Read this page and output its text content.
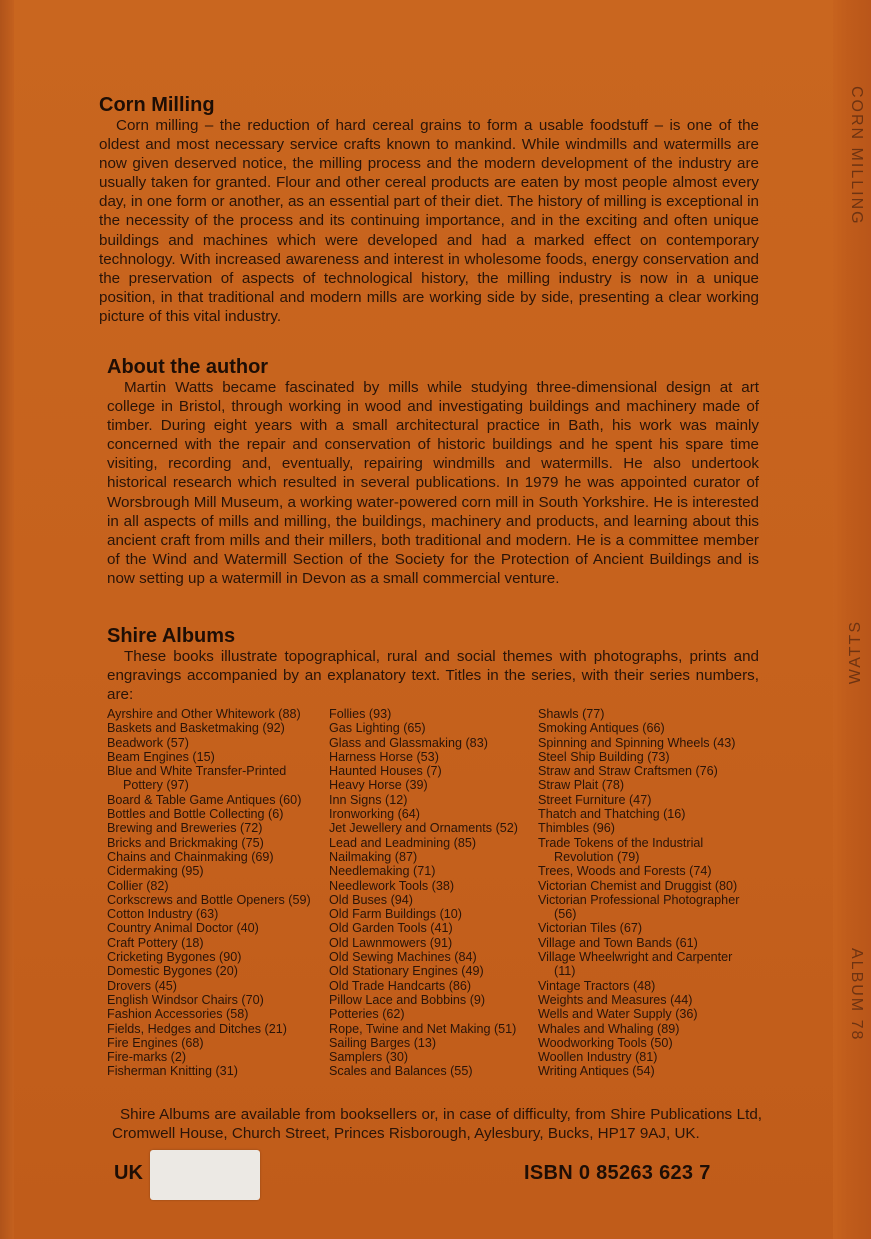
CORN MILLING
WATTS
ALBUM 78
Corn Milling

Corn milling – the reduction of hard cereal grains to form a usable foodstuff – is one of the oldest and most necessary service crafts known to mankind. While windmills and watermills are now given deserved notice, the milling process and the modern development of the industry are usually taken for granted. Flour and other cereal products are eaten by most people almost every day, in one form or another, as an essential part of their diet. The history of milling is exceptional in the necessity of the process and its continuing importance, and in the exciting and often unique buildings and machines which were developed and had a marked effect on contemporary technology. With increased awareness and interest in wholesome foods, energy conservation and the preservation of aspects of technological history, the milling industry is now in a unique position, in that traditional and modern mills are working side by side, presenting a clear working picture of this vital industry.

About the author

Martin Watts became fascinated by mills while studying three-dimensional design at art college in Bristol, through working in wood and investigating buildings and machinery made of timber. During eight years with a small architectural practice in Bath, his work was mainly concerned with the repair and conservation of historic buildings and he spent his spare time visiting, recording and, eventually, repairing windmills and watermills. He also undertook historical research which resulted in several publications. In 1979 he was appointed curator of Worsbrough Mill Museum, a working water-powered corn mill in South Yorkshire. He is interested in all aspects of mills and milling, the buildings, machinery and products, and learning about this ancient craft from mills and their millers, both traditional and modern. He is a committee member of the Wind and Watermill Section of the Society for the Protection of Ancient Buildings and is now setting up a watermill in Devon as a small commercial venture.

Shire Albums

These books illustrate topographical, rural and social themes with photographs, prints and engravings accompanied by an explanatory text. Titles in the series, with their series numbers, are:

Ayrshire and Other Whitework (88)
Baskets and Basketmaking (92)
Beadwork (57)
Beam Engines (15)
Blue and White Transfer-Printed
Pottery (97)
Board & Table Game Antiques (60)
Bottles and Bottle Collecting (6)
Brewing and Breweries (72)
Bricks and Brickmaking (75)
Chains and Chainmaking (69)
Cidermaking (95)
Collier (82)
Corkscrews and Bottle Openers (59)
Cotton Industry (63)
Country Animal Doctor (40)
Craft Pottery (18)
Cricketing Bygones (90)
Domestic Bygones (20)
Drovers (45)
English Windsor Chairs (70)
Fashion Accessories (58)
Fields, Hedges and Ditches (21)
Fire Engines (68)
Fire-marks (2)
Fisherman Knitting (31)
Follies (93)
Gas Lighting (65)
Glass and Glassmaking (83)
Harness Horse (53)
Haunted Houses (7)
Heavy Horse (39)
Inn Signs (12)
Ironworking (64)
Jet Jewellery and Ornaments (52)
Lead and Leadmining (85)
Nailmaking (87)
Needlemaking (71)
Needlework Tools (38)
Old Buses (94)
Old Farm Buildings (10)
Old Garden Tools (41)
Old Lawnmowers (91)
Old Sewing Machines (84)
Old Stationary Engines (49)
Old Trade Handcarts (86)
Pillow Lace and Bobbins (9)
Potteries (62)
Rope, Twine and Net Making (51)
Sailing Barges (13)
Samplers (30)
Scales and Balances (55)
Shawls (77)
Smoking Antiques (66)
Spinning and Spinning Wheels (43)
Steel Ship Building (73)
Straw and Straw Craftsmen (76)
Straw Plait (78)
Street Furniture (47)
Thatch and Thatching (16)
Thimbles (96)
Trade Tokens of the Industrial
Revolution (79)
Trees, Woods and Forests (74)
Victorian Chemist and Druggist (80)
Victorian Professional Photographer
(56)
Victorian Tiles (67)
Village and Town Bands (61)
Village Wheelwright and Carpenter
(11)
Vintage Tractors (48)
Weights and Measures (44)
Wells and Water Supply (36)
Whales and Whaling (89)
Woodworking Tools (50)
Woollen Industry (81)
Writing Antiques (54)

Shire Albums are available from booksellers or, in case of difficulty, from Shire Publications Ltd, Cromwell House, Church Street, Princes Risborough, Aylesbury, Bucks, HP17 9AJ, UK.

UK	ISBN 0 85263 623 7
